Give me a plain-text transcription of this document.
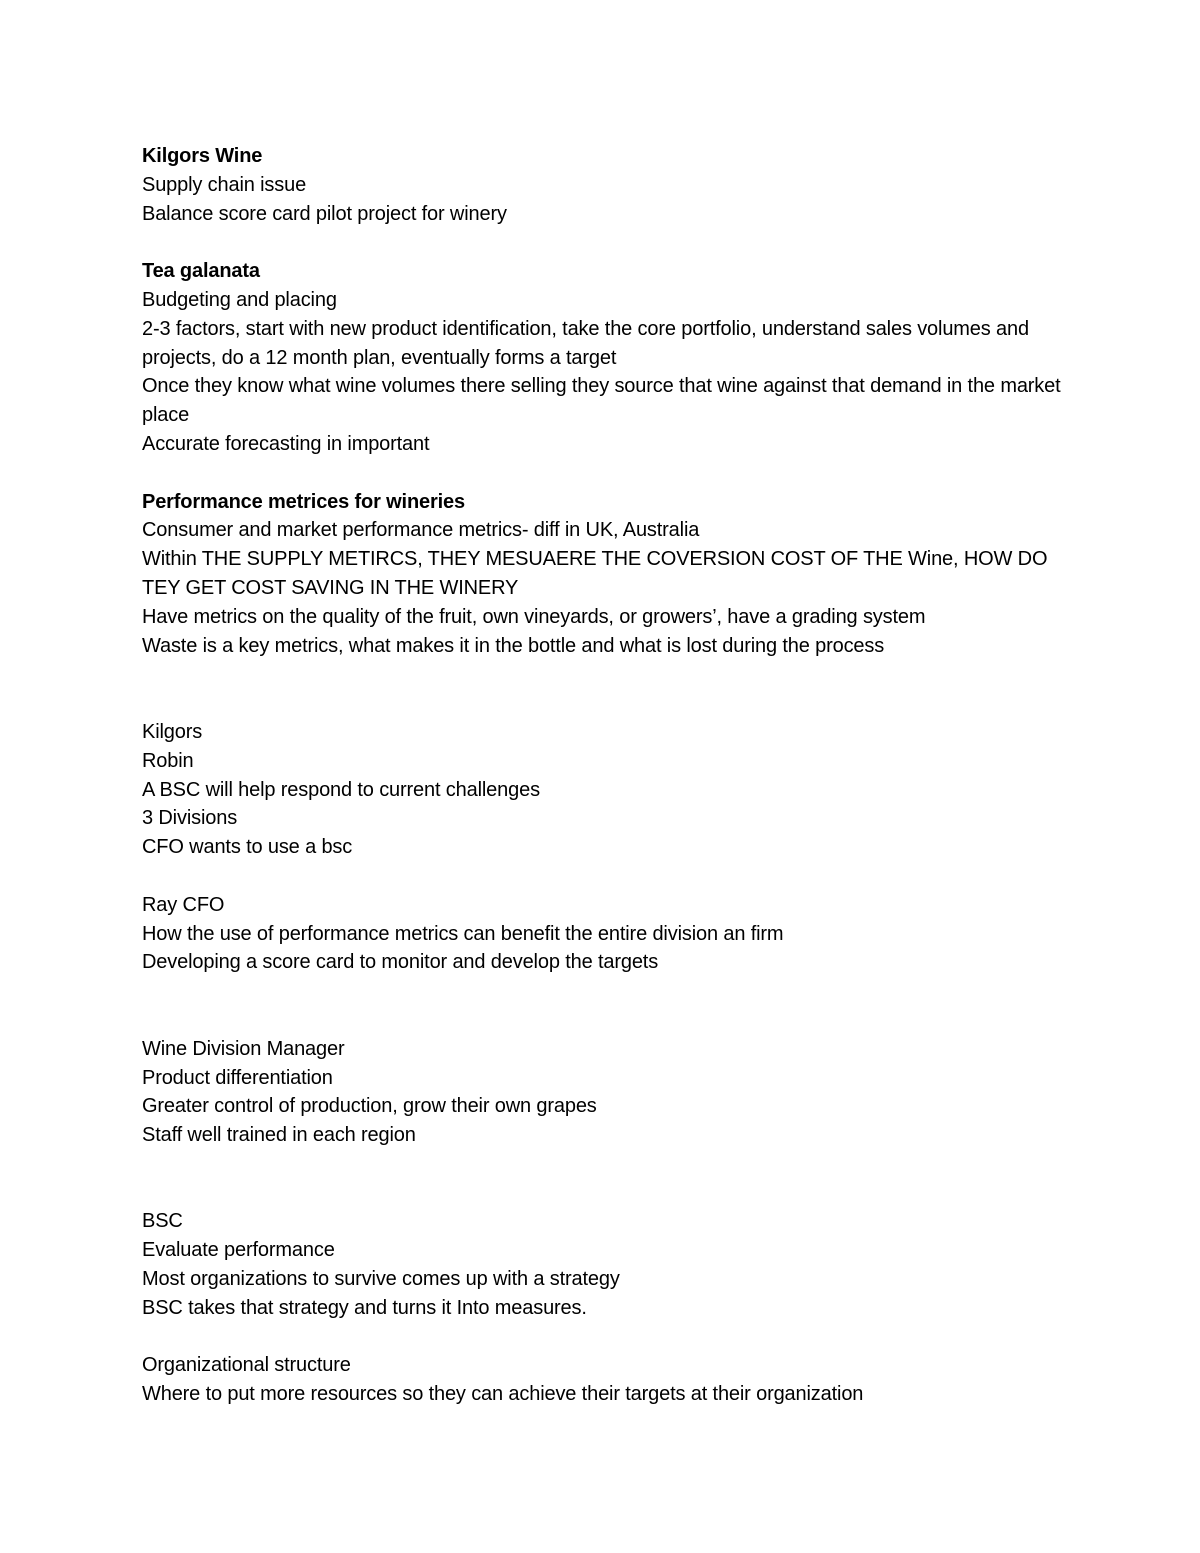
Kilgors Wine

Supply chain issue

Balance score card pilot project for winery

Tea galanata

Budgeting and placing

2-3 factors, start with new product identification, take the core portfolio, understand sales volumes and projects, do a 12 month plan, eventually forms a target

Once they know what wine volumes there selling they source that wine against that demand in the market place

Accurate forecasting in important

Performance metrices for wineries

Consumer and market performance metrics- diff in UK, Australia

Within THE SUPPLY METIRCS, THEY MESUAERE THE COVERSION COST OF THE Wine, HOW DO TEY GET COST SAVING IN THE WINERY

Have metrics on the quality of the fruit, own vineyards, or growers’, have a grading system

Waste is a key metrics, what makes it in the bottle and what is lost during the process

Kilgors

Robin

A BSC will help respond to current challenges

3 Divisions

CFO wants to use a bsc

Ray CFO

How the use of performance metrics can benefit the entire division an firm

Developing a score card to monitor and develop the targets

Wine Division Manager

Product differentiation

Greater control of production, grow their own grapes

Staff well trained in each region

BSC

Evaluate performance

Most organizations to survive comes up with a strategy

BSC takes that strategy and turns it Into measures.

Organizational structure

Where to put more resources so they can achieve their targets at their organization
